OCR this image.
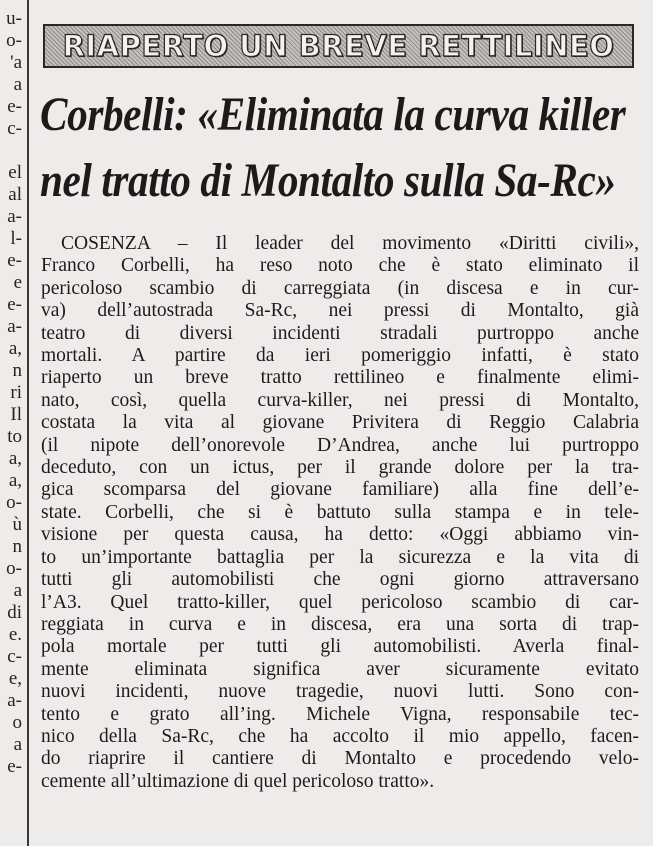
u-
o-
'a
a
e-
c-
el
al
a-
l-
e-
e
e-
a-
a,
n
ri
Il
to
a,
a,
o-
ù
n
o-
a
di
e.
c-
e,
a-
o
a
e-
RIAPERTO UN BREVE RETTILINEO
Corbelli: «Eliminata la curva killer
nel tratto di Montalto sulla Sa-Rc»
COSENZA – Il leader del movimento «Diritti civili»,
Franco Corbelli, ha reso noto che è stato eliminato il
pericoloso scambio di carreggiata (in discesa e in cur-
va) dell’autostrada Sa-Rc, nei pressi di Montalto, già
teatro di diversi incidenti stradali purtroppo anche
mortali. A partire da ieri pomeriggio infatti, è stato
riaperto un breve tratto rettilineo e finalmente elimi-
nato, così, quella curva-killer, nei pressi di Montalto,
costata la vita al giovane Privitera di Reggio Calabria
(il nipote dell’onorevole D’Andrea, anche lui purtroppo
deceduto, con un ictus, per il grande dolore per la tra-
gica scomparsa del giovane familiare) alla fine dell’e-
state. Corbelli, che si è battuto sulla stampa e in tele-
visione per questa causa, ha detto: «Oggi abbiamo vin-
to un’importante battaglia per la sicurezza e la vita di
tutti gli automobilisti che ogni giorno attraversano
l’A3. Quel tratto-killer, quel pericoloso scambio di car-
reggiata in curva e in discesa, era una sorta di trap-
pola mortale per tutti gli automobilisti. Averla final-
mente eliminata significa aver sicuramente evitato
nuovi incidenti, nuove tragedie, nuovi lutti. Sono con-
tento e grato all’ing. Michele Vigna, responsabile tec-
nico della Sa-Rc, che ha accolto il mio appello, facen-
do riaprire il cantiere di Montalto e procedendo velo-
cemente all’ultimazione di quel pericoloso tratto».
